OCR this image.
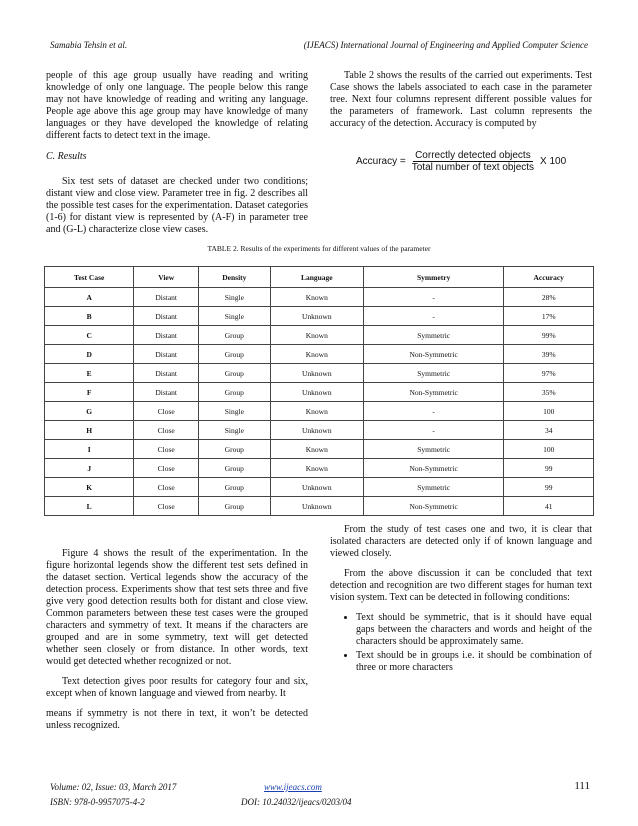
Samabia Tehsin et al.	(IJEACS) International Journal of Engineering and Applied Computer Science

people of this age group usually have reading and writing knowledge of only one language. The people below this range may not have knowledge of reading and writing any language. People age above this age group may have knowledge of many languages or they have developed the knowledge of relating different facts to detect text in the image.

C. Results

Six test sets of dataset are checked under two conditions; distant view and close view. Parameter tree in fig. 2 describes all the possible test cases for the experimentation. Dataset categories (1-6) for distant view is represented by (A-F) in parameter tree and (G-L) characterize close view cases.

Table 2 shows the results of the carried out experiments. Test Case shows the labels associated to each case in the parameter tree. Next four columns represent different possible values for the parameters of framework. Last column represents the accuracy of the detection. Accuracy is computed by

Accuracy =
Correctly detected objects
Total number of text objects
X 100
TABLE 2. Results of the experiments for different values of the parameter
Test Case	View	Density	Language	Symmetry	Accuracy
A	Distant	Single	Known	-	28%
B	Distant	Single	Unknown	-	17%
C	Distant	Group	Known	Symmetric	99%
D	Distant	Group	Known	Non-Symmetric	39%
E	Distant	Group	Unknown	Symmetric	97%
F	Distant	Group	Unknown	Non-Symmetric	35%
G	Close	Single	Known	-	100
H	Close	Single	Unknown	-	34
I	Close	Group	Known	Symmetric	100
J	Close	Group	Known	Non-Symmetric	99
K	Close	Group	Unknown	Symmetric	99
L	Close	Group	Unknown	Non-Symmetric	41

Figure 4 shows the result of the experimentation. In the figure horizontal legends show the different test sets defined in the dataset section. Vertical legends show the accuracy of the detection process. Experiments show that test sets three and five give very good detection results both for distant and close view. Common parameters between these test cases were the grouped characters and symmetry of text. It means if the characters are grouped and are in some symmetry, text will get detected whether seen closely or from distance. In other words, text would get detected whether recognized or not.

Text detection gives poor results for category four and six, except when of known language and viewed from nearby. It

means if symmetry is not there in text, it won’t be detected unless recognized.

From the study of test cases one and two, it is clear that isolated characters are detected only if of known language and viewed closely.

From the above discussion it can be concluded that text detection and recognition are two different stages for human text vision system. Text can be detected in following conditions:

• Text should be symmetric, that is it should have equal gaps between the characters and words and height of the characters should be approximately same.
• Text should be in groups i.e. it should be combination of three or more characters
Volume: 02, Issue: 03, March 2017
ISBN: 978-0-9957075-4-2
www.ijeacs.com
DOI: 10.24032/ijeacs/0203/04
111
